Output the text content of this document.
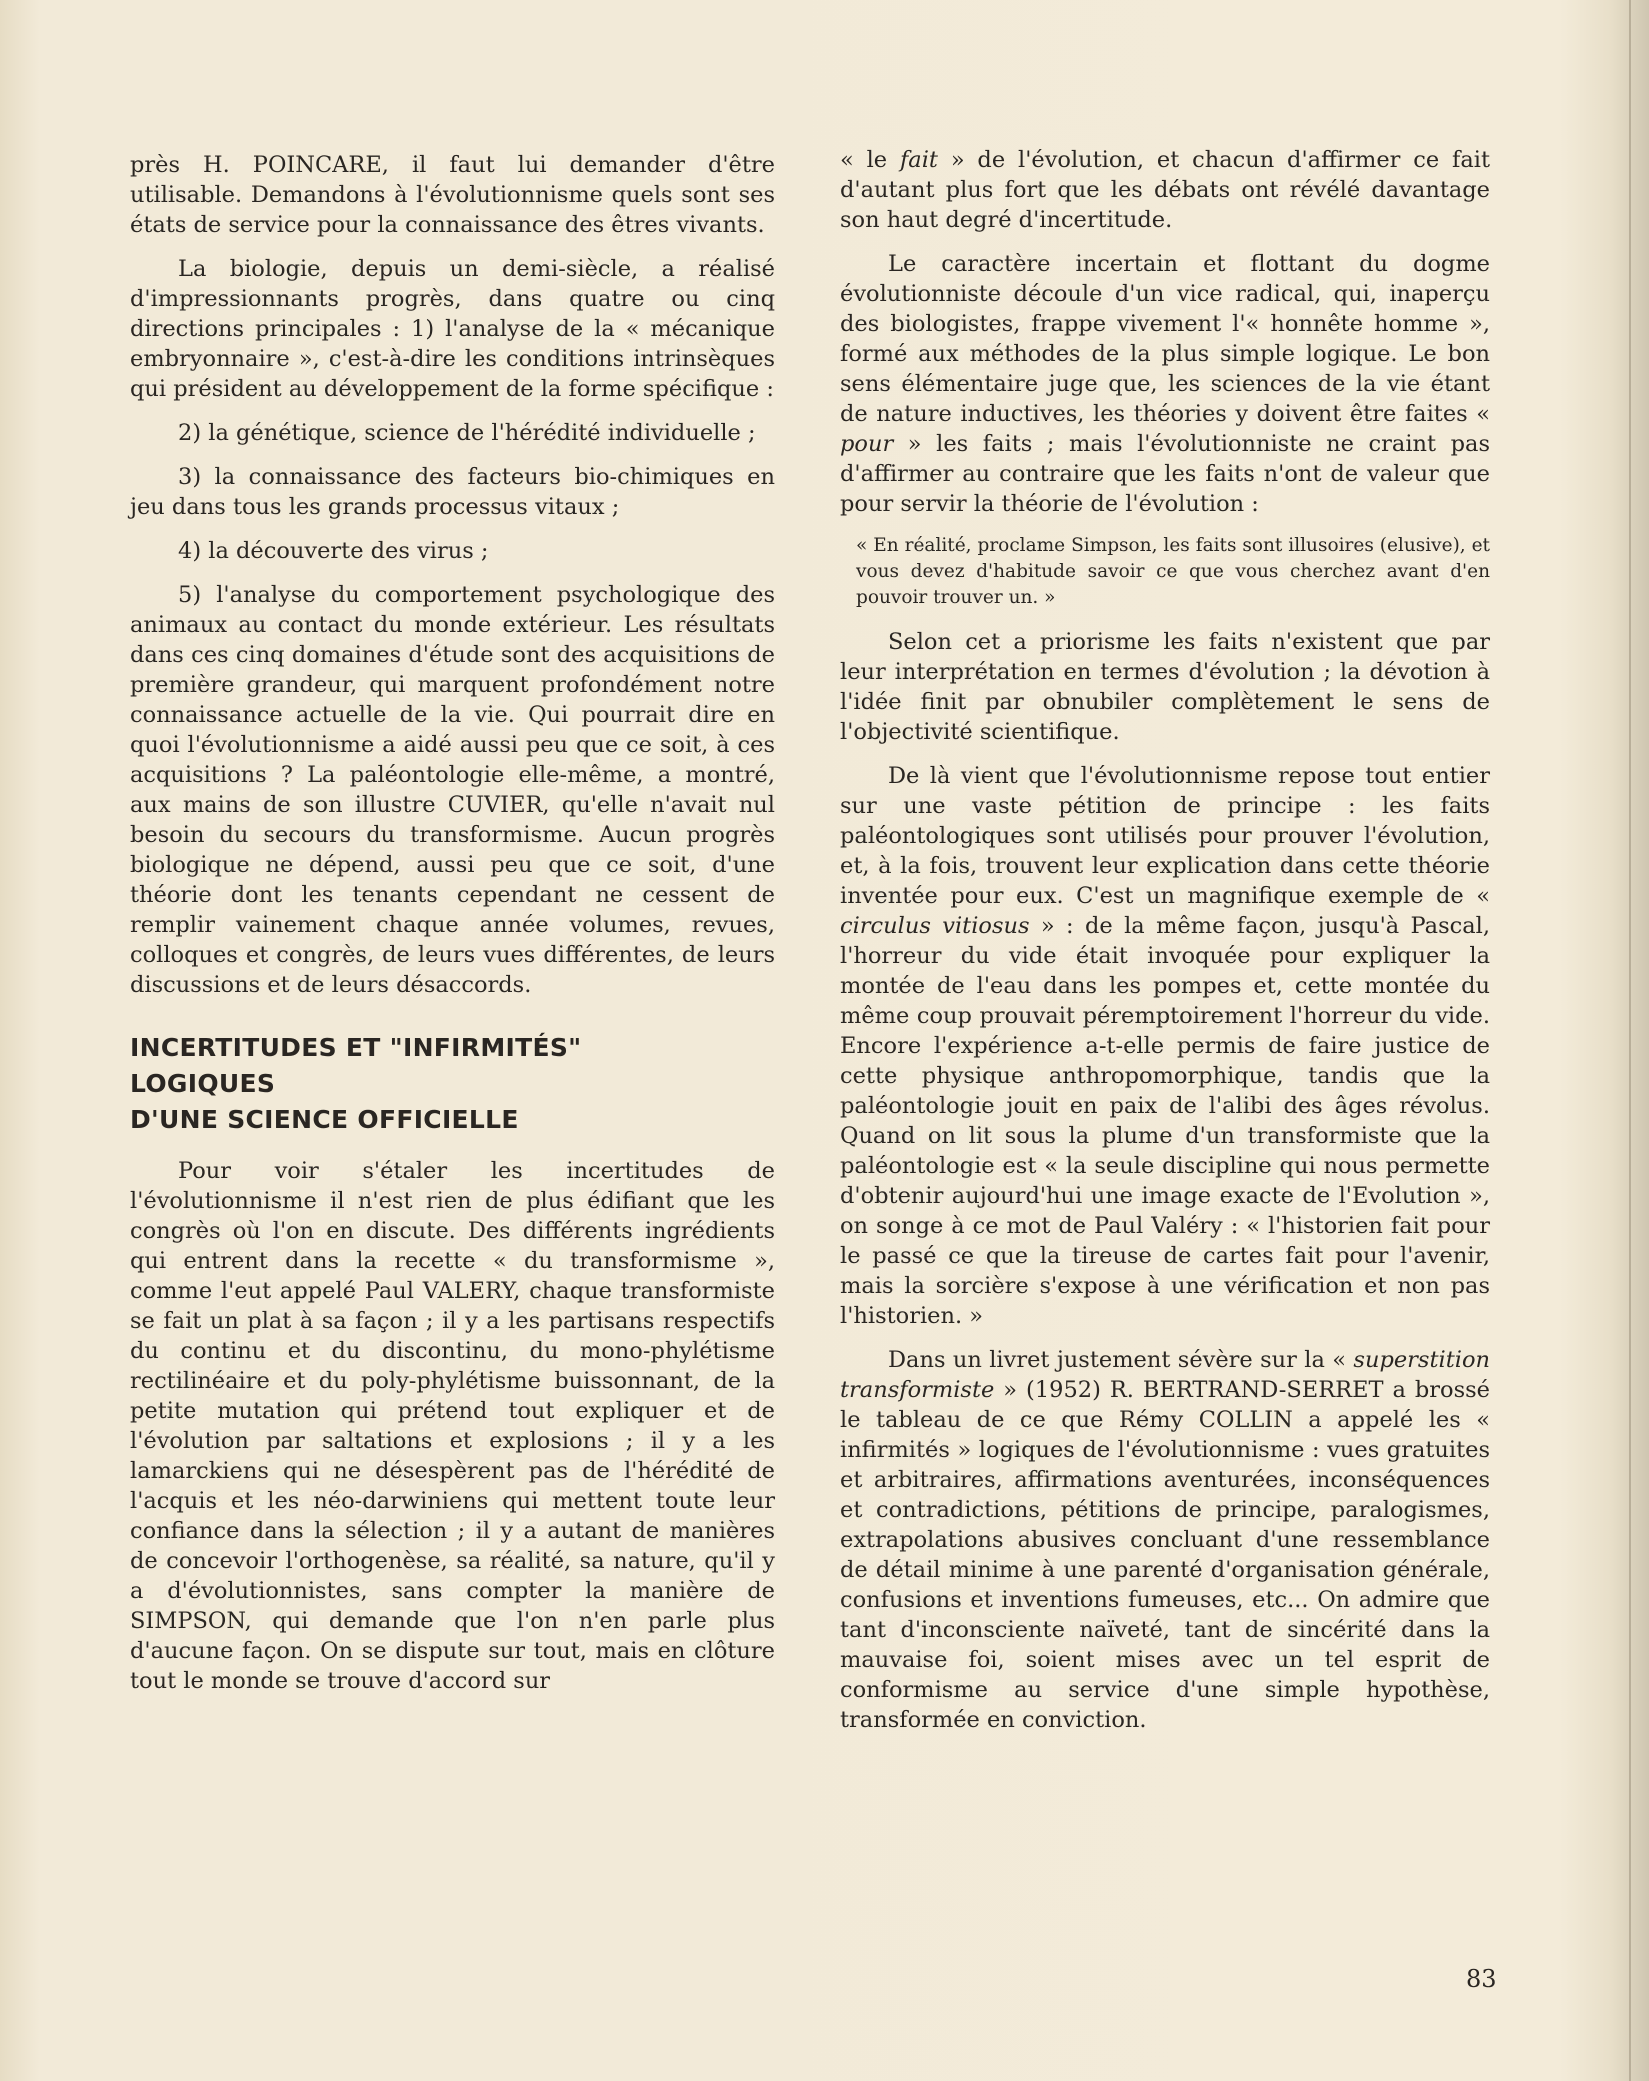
près H. POINCARE, il faut lui demander d'être utilisable. Demandons à l'évolutionnisme quels sont ses états de service pour la connaissance des êtres vivants.

La biologie, depuis un demi-siècle, a réalisé d'impressionnants progrès, dans quatre ou cinq directions principales : 1) l'analyse de la « mécanique embryonnaire », c'est-à-dire les conditions intrinsèques qui président au développement de la forme spécifique :

2) la génétique, science de l'hérédité individuelle ;

3) la connaissance des facteurs bio-chimiques en jeu dans tous les grands processus vitaux ;

4) la découverte des virus ;

5) l'analyse du comportement psychologique des animaux au contact du monde extérieur. Les résultats dans ces cinq domaines d'étude sont des acquisitions de première grandeur, qui marquent profondément notre connaissance actuelle de la vie. Qui pourrait dire en quoi l'évolutionnisme a aidé aussi peu que ce soit, à ces acquisitions ? La paléontologie elle-même, a montré, aux mains de son illustre CUVIER, qu'elle n'avait nul besoin du secours du transformisme. Aucun progrès biologique ne dépend, aussi peu que ce soit, d'une théorie dont les tenants cependant ne cessent de remplir vainement chaque année volumes, revues, colloques et congrès, de leurs vues différentes, de leurs discussions et de leurs désaccords.

INCERTITUDES ET "INFIRMITÉS"
LOGIQUES
D'UNE SCIENCE OFFICIELLE

Pour voir s'étaler les incertitudes de l'évolutionnisme il n'est rien de plus édifiant que les congrès où l'on en discute. Des différents ingrédients qui entrent dans la recette « du transformisme », comme l'eut appelé Paul VALERY, chaque transformiste se fait un plat à sa façon ; il y a les partisans respectifs du continu et du discontinu, du mono-phylétisme rectilinéaire et du poly-phylétisme buissonnant, de la petite mutation qui prétend tout expliquer et de l'évolution par saltations et explosions ; il y a les lamarckiens qui ne désespèrent pas de l'hérédité de l'acquis et les néo-darwiniens qui mettent toute leur confiance dans la sélection ; il y a autant de manières de concevoir l'orthogenèse, sa réalité, sa nature, qu'il y a d'évolutionnistes, sans compter la manière de SIMPSON, qui demande que l'on n'en parle plus d'aucune façon. On se dispute sur tout, mais en clôture tout le monde se trouve d'accord sur

« le fait » de l'évolution, et chacun d'affirmer ce fait d'autant plus fort que les débats ont révélé davantage son haut degré d'incertitude.

Le caractère incertain et flottant du dogme évolutionniste découle d'un vice radical, qui, inaperçu des biologistes, frappe vivement l'« honnête homme », formé aux méthodes de la plus simple logique. Le bon sens élémentaire juge que, les sciences de la vie étant de nature inductives, les théories y doivent être faites « pour » les faits ; mais l'évolutionniste ne craint pas d'affirmer au contraire que les faits n'ont de valeur que pour servir la théorie de l'évolution :

« En réalité, proclame Simpson, les faits sont illusoires (elusive), et vous devez d'habitude savoir ce que vous cherchez avant d'en pouvoir trouver un. »

Selon cet a priorisme les faits n'existent que par leur interprétation en termes d'évolution ; la dévotion à l'idée finit par obnubiler complètement le sens de l'objectivité scientifique.

De là vient que l'évolutionnisme repose tout entier sur une vaste pétition de principe : les faits paléontologiques sont utilisés pour prouver l'évolution, et, à la fois, trouvent leur explication dans cette théorie inventée pour eux. C'est un magnifique exemple de « circulus vitiosus » : de la même façon, jusqu'à Pascal, l'horreur du vide était invoquée pour expliquer la montée de l'eau dans les pompes et, cette montée du même coup prouvait péremptoirement l'horreur du vide. Encore l'expérience a-t-elle permis de faire justice de cette physique anthropomorphique, tandis que la paléontologie jouit en paix de l'alibi des âges révolus. Quand on lit sous la plume d'un transformiste que la paléontologie est « la seule discipline qui nous permette d'obtenir aujourd'hui une image exacte de l'Evolution », on songe à ce mot de Paul Valéry : « l'historien fait pour le passé ce que la tireuse de cartes fait pour l'avenir, mais la sorcière s'expose à une vérification et non pas l'historien. »

Dans un livret justement sévère sur la « superstition transformiste » (1952) R. BERTRAND-SERRET a brossé le tableau de ce que Rémy COLLIN a appelé les « infirmités » logiques de l'évolutionnisme : vues gratuites et arbitraires, affirmations aventurées, inconséquences et contradictions, pétitions de principe, paralogismes, extrapolations abusives concluant d'une ressemblance de détail minime à une parenté d'organisation générale, confusions et inventions fumeuses, etc... On admire que tant d'inconsciente naïveté, tant de sincérité dans la mauvaise foi, soient mises avec un tel esprit de conformisme au service d'une simple hypothèse, transformée en conviction.

83
